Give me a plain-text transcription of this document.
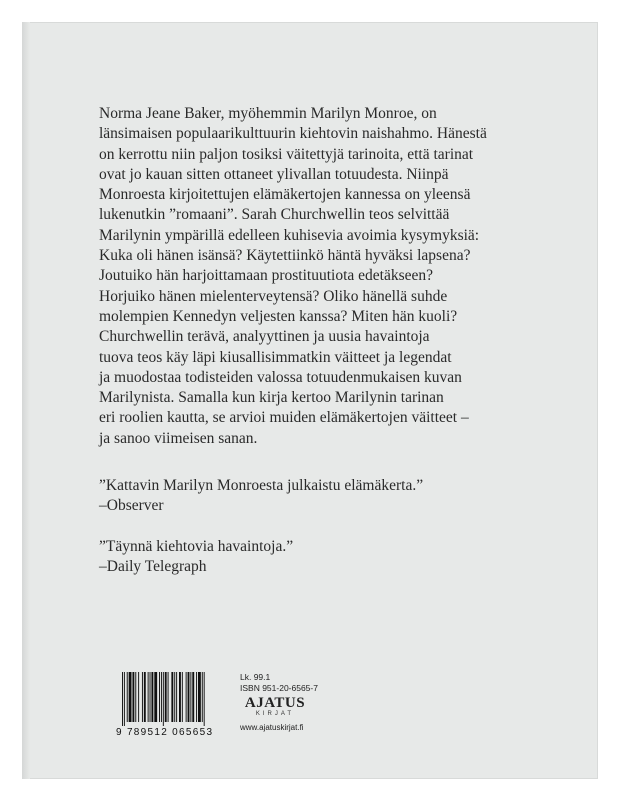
Norma Jeane Baker, myöhemmin Marilyn Monroe, on
länsimaisen populaarikulttuurin kiehtovin naishahmo. Hänestä
on kerrottu niin paljon tosiksi väitettyjä tarinoita, että tarinat
ovat jo kauan sitten ottaneet ylivallan totuudesta. Niinpä
Monroesta kirjoitettujen elämäkertojen kannessa on yleensä
lukenutkin ”romaani”. Sarah Churchwellin teos selvittää
Marilynin ympärillä edelleen kuhisevia avoimia kysymyksiä:
Kuka oli hänen isänsä? Käytettiinkö häntä hyväksi lapsena?
Joutuiko hän harjoittamaan prostituutiota edetäkseen?
Horjuiko hänen mielenterveytensä? Oliko hänellä suhde
molempien Kennedyn veljesten kanssa? Miten hän kuoli?
Churchwellin terävä, analyyttinen ja uusia havaintoja
tuova teos käy läpi kiusallisimmatkin väitteet ja legendat
ja muodostaa todisteiden valossa totuudenmukaisen kuvan
Marilynista. Samalla kun kirja kertoo Marilynin tarinan
eri roolien kautta, se arvioi muiden elämäkertojen väitteet –
ja sanoo viimeisen sanan.
”Kattavin Marilyn Monroesta julkaistu elämäkerta.”
–Observer
”Täynnä kiehtovia havaintoja.”
–Daily Telegraph
9 789512 065653
Lk. 99.1
ISBN 951-20-6565-7
AJATUS
KIRJAT
www.ajatuskirjat.fi
